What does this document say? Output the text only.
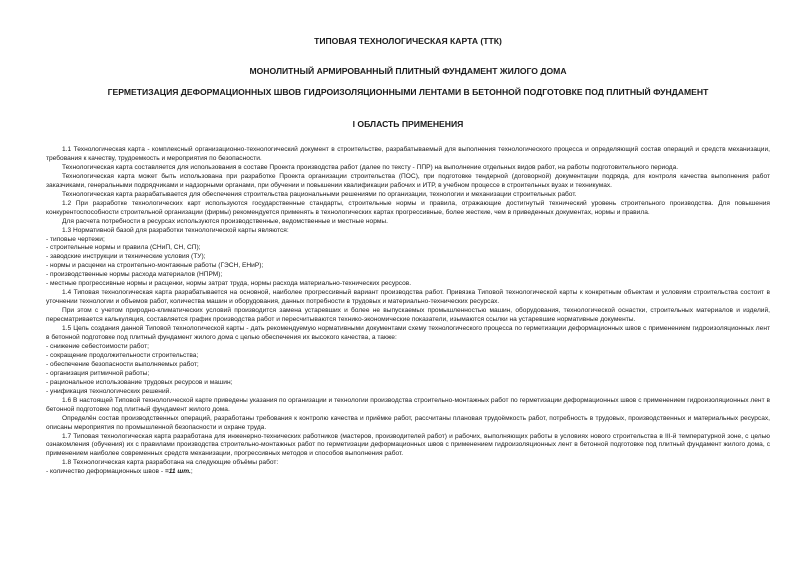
ТИПОВАЯ ТЕХНОЛОГИЧЕСКАЯ КАРТА (ТТК)

МОНОЛИТНЫЙ АРМИРОВАННЫЙ ПЛИТНЫЙ ФУНДАМЕНТ ЖИЛОГО ДОМА

ГЕРМЕТИЗАЦИЯ ДЕФОРМАЦИОННЫХ ШВОВ ГИДРОИЗОЛЯЦИОННЫМИ ЛЕНТАМИ В БЕТОННОЙ ПОДГОТОВКЕ ПОД ПЛИТНЫЙ ФУНДАМЕНТ

I ОБЛАСТЬ ПРИМЕНЕНИЯ

1.1 Технологическая карта - комплексный организационно-технологический документ в строительстве, разрабатываемый для выполнения технологического процесса и определяющий состав операций и средств механизации, требования к качеству, трудоемкость и мероприятия по безопасности.

Технологическая карта составляется для использования в составе Проекта производства работ (далее по тексту - ППР) на выполнение отдельных видов работ, на работы подготовительного периода.

Технологическая карта может быть использована при разработке Проекта организации строительства (ПОС), при подготовке тендерной (договорной) документации подряда, для контроля качества выполнения работ заказчиками, генеральными подрядчиками и надзорными органами, при обучении и повышении квалификации рабочих и ИТР, в учебном процессе в строительных вузах и техникумах.

Технологическая карта разрабатывается для обеспечения строительства рациональными решениями по организации, технологии и механизации строительных работ.

1.2 При разработке технологических карт используются государственные стандарты, строительные нормы и правила, отражающие достигнутый технический уровень строительного производства. Для повышения конкурентоспособности строительной организации (фирмы) рекомендуется применять в технологических картах прогрессивные, более жесткие, чем в приведенных документах, нормы и правила.

Для расчета потребности в ресурсах используются производственные, ведомственные и местные нормы.

1.3 Нормативной базой для разработки технологической карты являются:

- типовые чертежи;

- строительные нормы и правила (СНиП, СН, СП);

- заводские инструкции и технические условия (ТУ);

- нормы и расценки на строительно-монтажные работы (ГЭСН, ЕНиР);

- производственные нормы расхода материалов (НПРМ);

- местные прогрессивные нормы и расценки, нормы затрат труда, нормы расхода материально-технических ресурсов.

1.4 Типовая технологическая карта разрабатывается на основной, наиболее прогрессивный вариант производства работ. Привязка Типовой технологической карты к конкретным объектам и условиям строительства состоит в уточнении технологии и объемов работ, количества машин и оборудования, данных потребности в трудовых и материально-технических ресурсах.

При этом с учетом природно-климатических условий производится замена устаревших и более не выпускаемых промышленностью машин, оборудования, технологической оснастки, строительных материалов и изделий, пересматривается калькуляция, составляется график производства работ и пересчитываются технико-экономические показатели, изымаются ссылки на устаревшие нормативные документы.

1.5 Цель создания данной Типовой технологической карты - дать рекомендуемую нормативными документами схему технологического процесса по герметизации деформационных швов с применением гидроизоляционных лент в бетонной подготовке под плитный фундамент жилого дома с целью обеспечения их высокого качества, а также:

- снижение себестоимости работ;

- сокращение продолжительности строительства;

- обеспечение безопасности выполняемых работ;

- организация ритмичной работы;

- рациональное использование трудовых ресурсов и машин;

- унификация технологических решений.

1.6 В настоящей Типовой технологической карте приведены указания по организации и технологии производства строительно-монтажных работ по герметизации деформационных швов с применением гидроизоляционных лент в бетонной подготовке под плитный фундамент жилого дома.

Определён состав производственных операций, разработаны требования к контролю качества и приёмке работ, рассчитаны плановая трудоёмкость работ, потребность в трудовых, производственных и материальных ресурсах, описаны мероприятия по промышленной безопасности и охране труда.

1.7 Типовая технологическая карта разработана для инженерно-технических работников (мастеров, производителей работ) и рабочих, выполняющих работы в условиях нового строительства в III-й температурной зоне, с целью ознакомления (обучения) их с правилами производства строительно-монтажных работ по герметизации деформационных швов с применением гидроизоляционных лент в бетонной подготовке под плитный фундамент жилого дома, с применением наиболее современных средств механизации, прогрессивных методов и способов выполнения работ.

1.8 Технологическая карта разработана на следующие объёмы работ:

- количество деформационных швов - =11 шт.;
